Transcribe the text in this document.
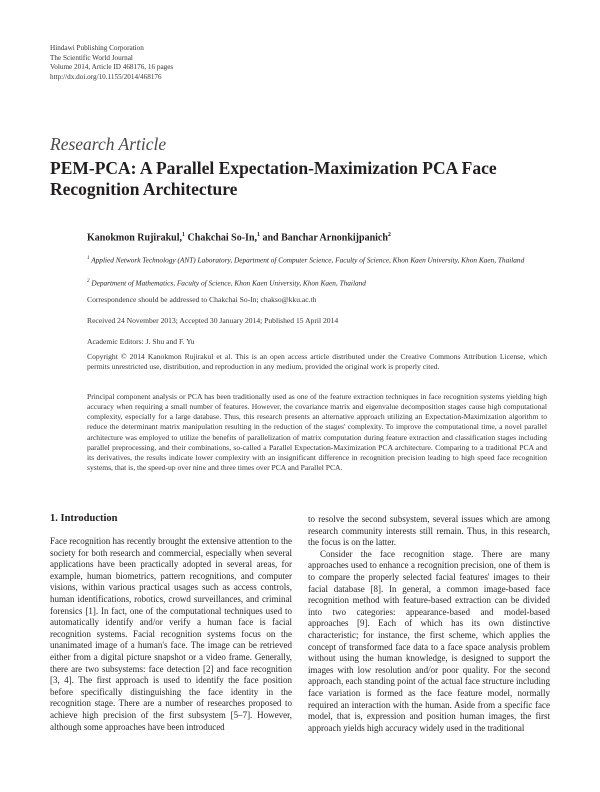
Hindawi Publishing Corporation
The Scientific World Journal
Volume 2014, Article ID 468176, 16 pages
http://dx.doi.org/10.1155/2014/468176
Research Article
PEM-PCA: A Parallel Expectation-Maximization PCA Face Recognition Architecture
Kanokmon Rujirakul,$^1$ Chakchai So-In,$^1$ and Banchar Arnonkijpanich$^2$
$^1$ Applied Network Technology (ANT) Laboratory, Department of Computer Science, Faculty of Science, Khon Kaen University, Khon Kaen, Thailand
$^2$ Department of Mathematics, Faculty of Science, Khon Kaen University, Khon Kaen, Thailand
Correspondence should be addressed to Chakchai So-In; chakso@kku.ac.th
Received 24 November 2013; Accepted 30 January 2014; Published 15 April 2014
Academic Editors: J. Shu and F. Yu
Copyright © 2014 Kanokmon Rujirakul et al. This is an open access article distributed under the Creative Commons Attribution License, which permits unrestricted use, distribution, and reproduction in any medium, provided the original work is properly cited.
Principal component analysis or PCA has been traditionally used as one of the feature extraction techniques in face recognition systems yielding high accuracy when requiring a small number of features. However, the covariance matrix and eigenvalue decomposition stages cause high computational complexity, especially for a large database. Thus, this research presents an alternative approach utilizing an Expectation-Maximization algorithm to reduce the determinant matrix manipulation resulting in the reduction of the stages' complexity. To improve the computational time, a novel parallel architecture was employed to utilize the benefits of parallelization of matrix computation during feature extraction and classification stages including parallel preprocessing, and their combinations, so-called a Parallel Expectation-Maximization PCA architecture. Comparing to a traditional PCA and its derivatives, the results indicate lower complexity with an insignificant difference in recognition precision leading to high speed face recognition systems, that is, the speed-up over nine and three times over PCA and Parallel PCA.
1. Introduction

Face recognition has recently brought the extensive attention to the society for both research and commercial, especially when several applications have been practically adopted in several areas, for example, human biometrics, pattern recognitions, and computer visions, within various practical usages such as access controls, human identifications, robotics, crowd surveillances, and criminal forensics [1]. In fact, one of the computational techniques used to automatically identify and/or verify a human face is facial recognition systems. Facial recognition systems focus on the unanimated image of a human's face. The image can be retrieved either from a digital picture snapshot or a video frame. Generally, there are two subsystems: face detection [2] and face recognition [3, 4]. The first approach is used to identify the face position before specifically distinguishing the face identity in the recognition stage. There are a number of researches proposed to achieve high precision of the first subsystem [5–7]. However, although some approaches have been introduced

to resolve the second subsystem, several issues which are among research community interests still remain. Thus, in this research, the focus is on the latter.

Consider the face recognition stage. There are many approaches used to enhance a recognition precision, one of them is to compare the properly selected facial features' images to their facial database [8]. In general, a common image-based face recognition method with feature-based extraction can be divided into two categories: appearance-based and model-based approaches [9]. Each of which has its own distinctive characteristic; for instance, the first scheme, which applies the concept of transformed face data to a face space analysis problem without using the human knowledge, is designed to support the images with low resolution and/or poor quality. For the second approach, each standing point of the actual face structure including face variation is formed as the face feature model, normally required an interaction with the human. Aside from a specific face model, that is, expression and position human images, the first approach yields high accuracy widely used in the traditional
